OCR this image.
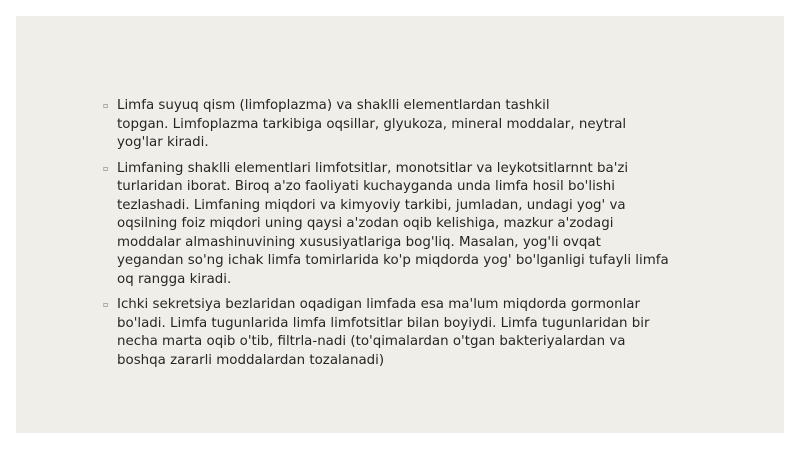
▫ Limfa suyuq qism (limfoplazma) va shaklli elementlardan tashkil
topgan. Limfoplazma tarkibiga oqsillar, glyukoza, mineral moddalar, neytral
yog'lar kiradi.
▫ Limfaning shaklli elementlari limfotsitlar, monotsitlar va leykotsitlarnnt ba'zi
turlaridan iborat. Biroq a'zo faoliyati kuchayganda unda limfa hosil bo'lishi
tezlashadi. Limfaning miqdori va kimyoviy tarkibi, jumladan, undagi yog' va
oqsilning foiz miqdori uning qaysi a'zodan oqib kelishiga, mazkur a'zodagi
moddalar almashinuvining xususiyatlariga bog'liq. Masalan, yog'li ovqat
yegandan so'ng ichak limfa tomirlarida ko'p miqdorda yog' bo'lganligi tufayli limfa
oq rangga kiradi.
▫ Ichki sekretsiya bezlaridan oqadigan limfada esa ma'lum miqdorda gormonlar
bo'ladi. Limfa tugunlarida limfa limfotsitlar bilan boyiydi. Limfa tugunlaridan bir
necha marta oqib o'tib, filtrla-nadi (to'qimalardan o'tgan bakteriyalardan va
boshqa zararli moddalardan tozalanadi)
